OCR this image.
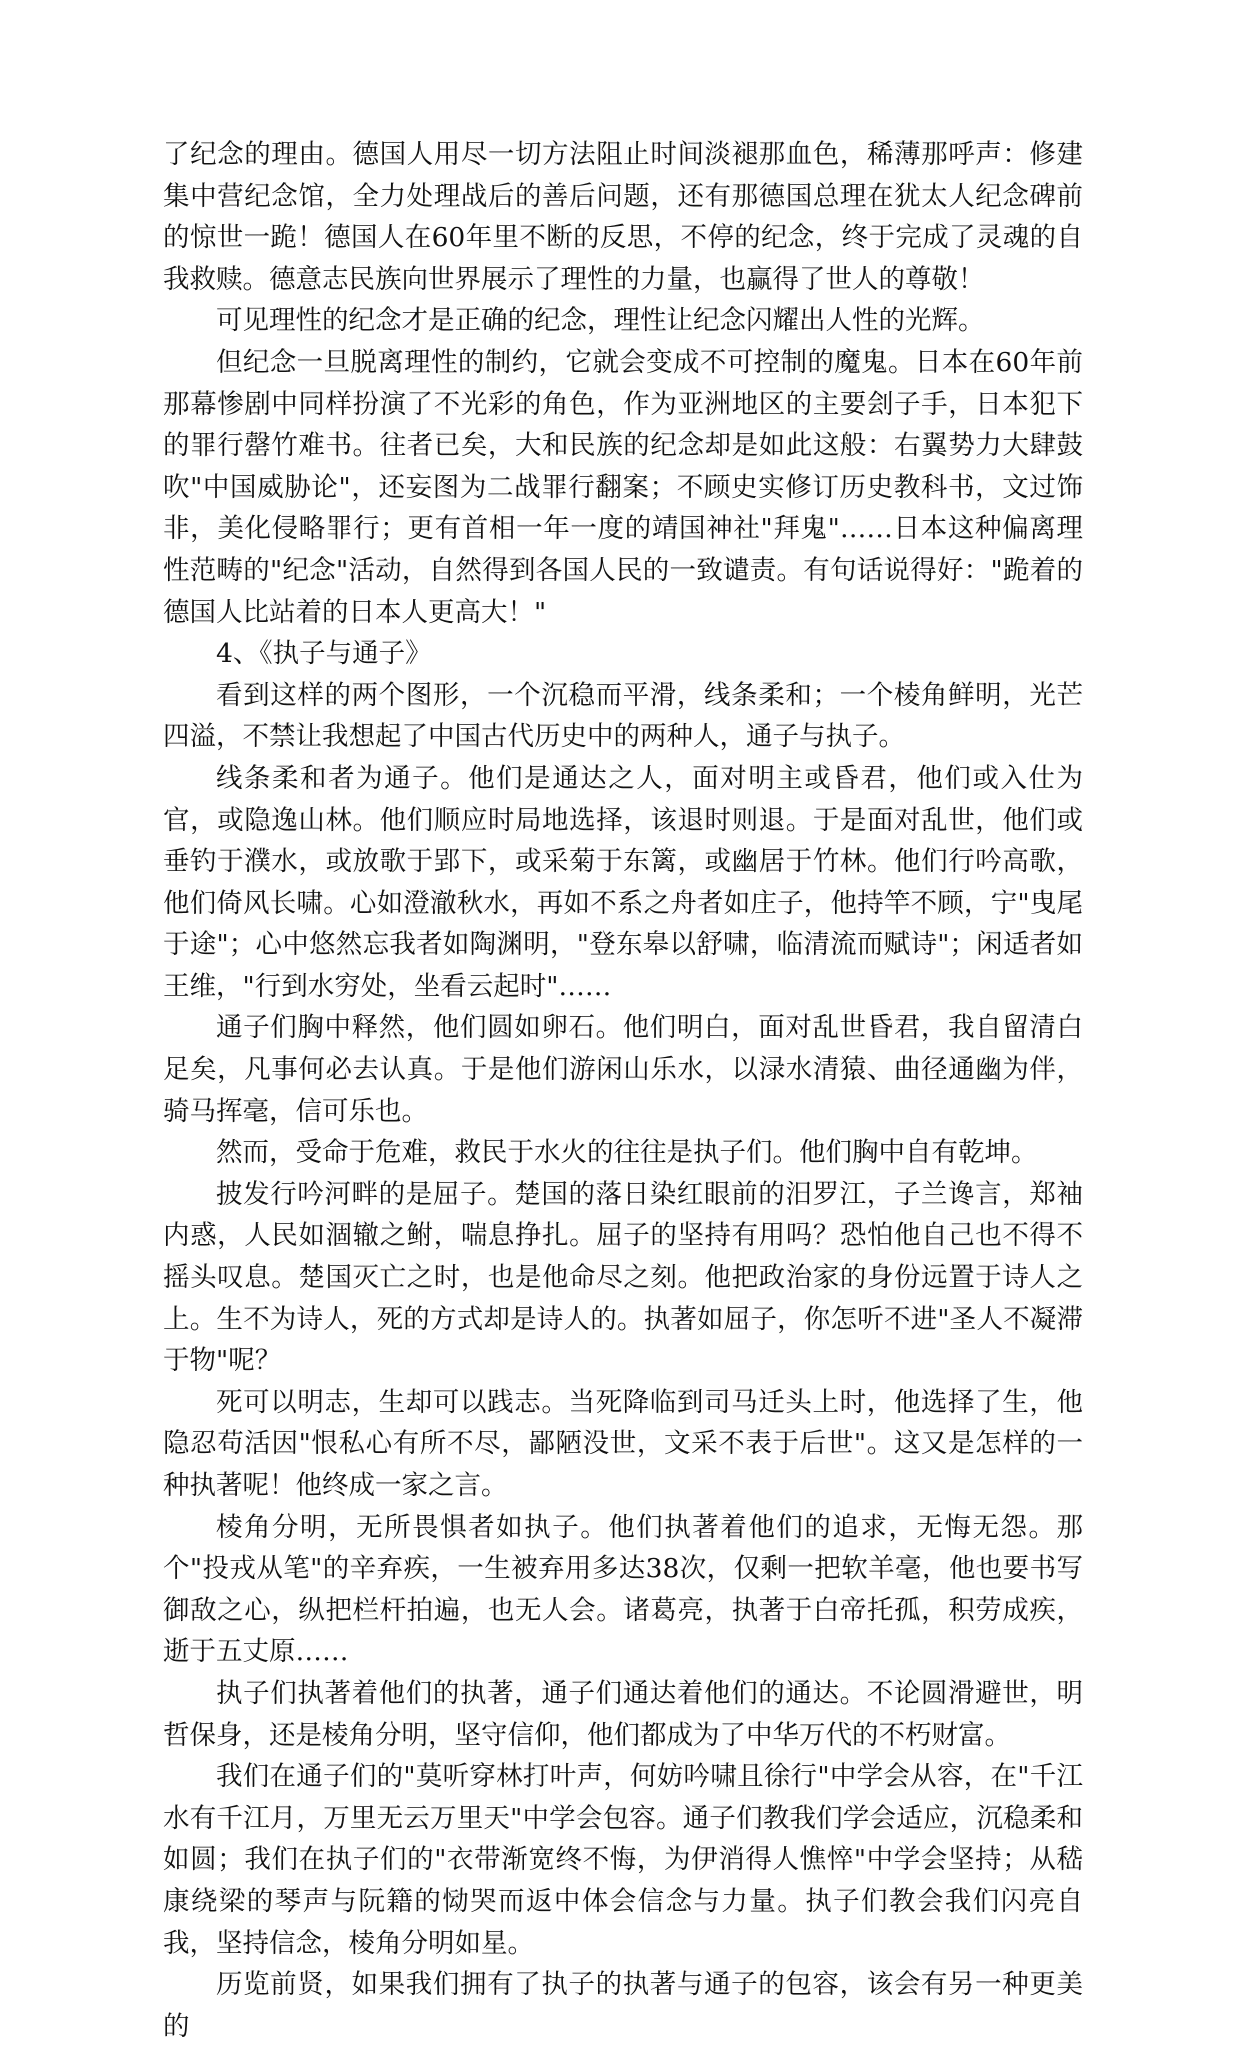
了纪念的理由。德国人用尽一切方法阻止时间淡褪那血色，稀薄那呼声：修建集中营纪念馆，全力处理战后的善后问题，还有那德国总理在犹太人纪念碑前的惊世一跪！德国人在60年里不断的反思，不停的纪念，终于完成了灵魂的自我救赎。德意志民族向世界展示了理性的力量，也赢得了世人的尊敬！

可见理性的纪念才是正确的纪念，理性让纪念闪耀出人性的光辉。

但纪念一旦脱离理性的制约，它就会变成不可控制的魔鬼。日本在60年前那幕惨剧中同样扮演了不光彩的角色，作为亚洲地区的主要刽子手，日本犯下的罪行罄竹难书。往者已矣，大和民族的纪念却是如此这般：右翼势力大肆鼓吹"中国威胁论"，还妄图为二战罪行翻案；不顾史实修订历史教科书，文过饰非，美化侵略罪行；更有首相一年一度的靖国神社"拜鬼"……日本这种偏离理性范畴的"纪念"活动，自然得到各国人民的一致谴责。有句话说得好："跪着的德国人比站着的日本人更高大！"

4、《执子与通子》

看到这样的两个图形，一个沉稳而平滑，线条柔和；一个棱角鲜明，光芒四溢，不禁让我想起了中国古代历史中的两种人，通子与执子。

线条柔和者为通子。他们是通达之人，面对明主或昏君，他们或入仕为官，或隐逸山林。他们顺应时局地选择，该退时则退。于是面对乱世，他们或垂钓于濮水，或放歌于郢下，或采菊于东篱，或幽居于竹林。他们行吟高歌，他们倚风长啸。心如澄澈秋水，再如不系之舟者如庄子，他持竿不顾，宁"曳尾于途"；心中悠然忘我者如陶渊明，"登东皋以舒啸，临清流而赋诗"；闲适者如王维，"行到水穷处，坐看云起时"……

通子们胸中释然，他们圆如卵石。他们明白，面对乱世昏君，我自留清白足矣，凡事何必去认真。于是他们游闲山乐水，以渌水清猿、曲径通幽为伴，骑马挥毫，信可乐也。

然而，受命于危难，救民于水火的往往是执子们。他们胸中自有乾坤。

披发行吟河畔的是屈子。楚国的落日染红眼前的汨罗江，子兰谗言，郑袖内惑，人民如涸辙之鲋，喘息挣扎。屈子的坚持有用吗？恐怕他自己也不得不摇头叹息。楚国灭亡之时，也是他命尽之刻。他把政治家的身份远置于诗人之上。生不为诗人，死的方式却是诗人的。执著如屈子，你怎听不进"圣人不凝滞于物"呢？

死可以明志，生却可以践志。当死降临到司马迁头上时，他选择了生，他隐忍苟活因"恨私心有所不尽，鄙陋没世，文采不表于后世"。这又是怎样的一种执著呢！他终成一家之言。

棱角分明，无所畏惧者如执子。他们执著着他们的追求，无悔无怨。那个"投戎从笔"的辛弃疾，一生被弃用多达38次，仅剩一把软羊毫，他也要书写御敌之心，纵把栏杆拍遍，也无人会。诸葛亮，执著于白帝托孤，积劳成疾，逝于五丈原……

执子们执著着他们的执著，通子们通达着他们的通达。不论圆滑避世，明哲保身，还是棱角分明，坚守信仰，他们都成为了中华万代的不朽财富。

我们在通子们的"莫听穿林打叶声，何妨吟啸且徐行"中学会从容，在"千江水有千江月，万里无云万里天"中学会包容。通子们教我们学会适应，沉稳柔和如圆；我们在执子们的"衣带渐宽终不悔，为伊消得人憔悴"中学会坚持；从嵇康绕梁的琴声与阮籍的恸哭而返中体会信念与力量。执子们教会我们闪亮自我，坚持信念，棱角分明如星。

历览前贤，如果我们拥有了执子的执著与通子的包容，该会有另一种更美的
